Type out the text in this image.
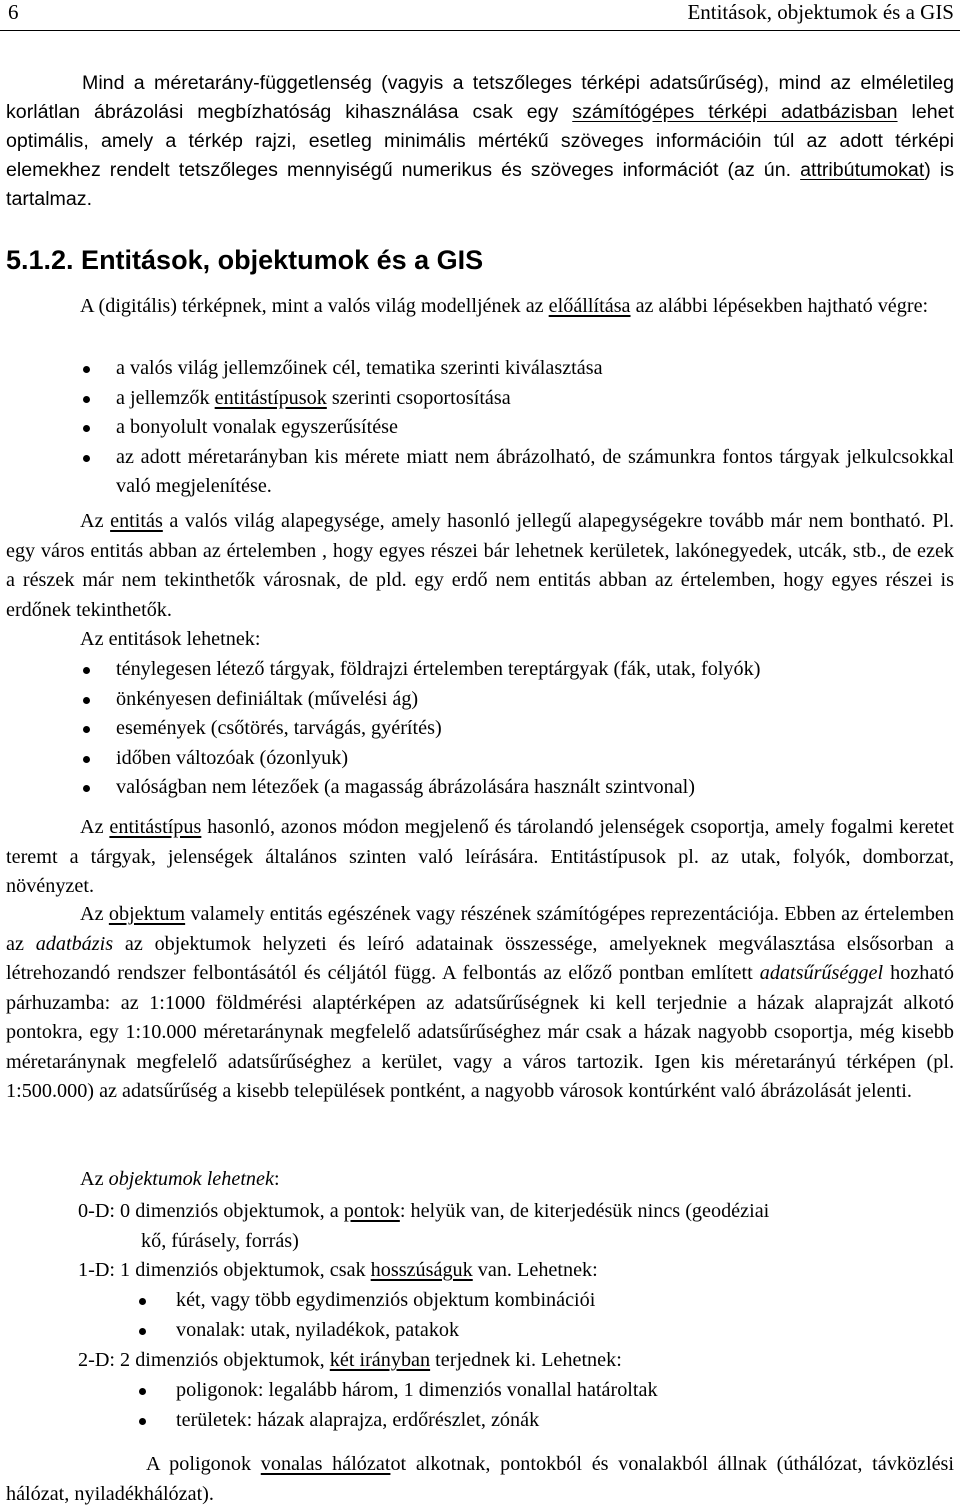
6	Entitások, objektumok és a GIS

Mind a méretarány-függetlenség (vagyis a tetszőleges térképi adatsűrűség), mind az elméletileg korlátlan ábrázolási megbízhatóság kihasználása csak egy számítógépes térképi adatbázisban lehet optimális, amely a térkép rajzi, esetleg minimális mértékű szöveges információin túl az adott térképi elemekhez rendelt tetszőleges mennyiségű numerikus és szöveges információt (az ún. attribútumokat) is tartalmaz.

5.1.2. Entitások, objektumok és a GIS

A (digitális) térképnek, mint a valós világ modelljének az előállítása az alábbi lépésekben hajtható végre:

a valós világ jellemzőinek cél, tematika szerinti kiválasztása
a jellemzők entitástípusok szerinti csoportosítása
a bonyolult vonalak egyszerűsítése
az adott méretarányban kis mérete miatt nem ábrázolható, de számunkra fontos tárgyak jelkulcsokkal való megjelenítése.

Az entitás a valós világ alapegysége, amely hasonló jellegű alapegységekre tovább már nem bontható. Pl. egy város entitás abban az értelemben , hogy egyes részei bár lehetnek kerületek, lakónegyedek, utcák, stb., de ezek a részek már nem tekinthetők városnak, de pld. egy erdő nem entitás abban az értelemben, hogy egyes részei is erdőnek tekinthetők.

Az entitások lehetnek:

ténylegesen létező tárgyak, földrajzi értelemben tereptárgyak (fák, utak, folyók)
önkényesen definiáltak (művelési ág)
események (csőtörés, tarvágás, gyérítés)
időben változóak (ózonlyuk)
valóságban nem létezőek (a magasság ábrázolására használt szintvonal)

Az entitástípus hasonló, azonos módon megjelenő és tárolandó jelenségek csoportja, amely fogalmi keretet teremt a tárgyak, jelenségek általános szinten való leírására. Entitástípusok pl. az utak, folyók, domborzat, növényzet.

Az objektum valamely entitás egészének vagy részének számítógépes reprezentációja. Ebben az értelemben az adatbázis az objektumok helyzeti és leíró adatainak összessége, amelyeknek megválasztása elsősorban a létrehozandó rendszer felbontásától és céljától függ. A felbontás az előző pontban említett adatsűrűséggel hozható párhuzamba: az 1:1000 földmérési alaptérképen az adatsűrűségnek ki kell terjednie a házak alaprajzát alkotó pontokra, egy 1:10.000 méretaránynak megfelelő adatsűrűséghez már csak a házak nagyobb csoportja, még kisebb méretaránynak megfelelő adatsűrűséghez a kerület, vagy a város tartozik. Igen kis méretarányú térképen (pl. 1:500.000) az adatsűrűség a kisebb települések pontként, a nagyobb városok kontúrként való ábrázolását jelenti.

Az objektumok lehetnek:

0-D: 0 dimenziós objektumok, a pontok: helyük van, de kiterjedésük nincs (geodéziai
kő, fúrásely, forrás)

1-D: 1 dimenziós objektumok, csak hosszúságuk van. Lehetnek:

két, vagy több egydimenziós objektum kombinációi
vonalak: utak, nyiladékok, patakok

2-D: 2 dimenziós objektumok, két irányban terjednek ki. Lehetnek:

poligonok: legalább három, 1 dimenziós vonallal határoltak
területek: házak alaprajza, erdőrészlet, zónák

A poligonok vonalas hálózatot alkotnak, pontokból és vonalakból állnak (úthálózat, távközlési hálózat, nyiladékhálózat).
